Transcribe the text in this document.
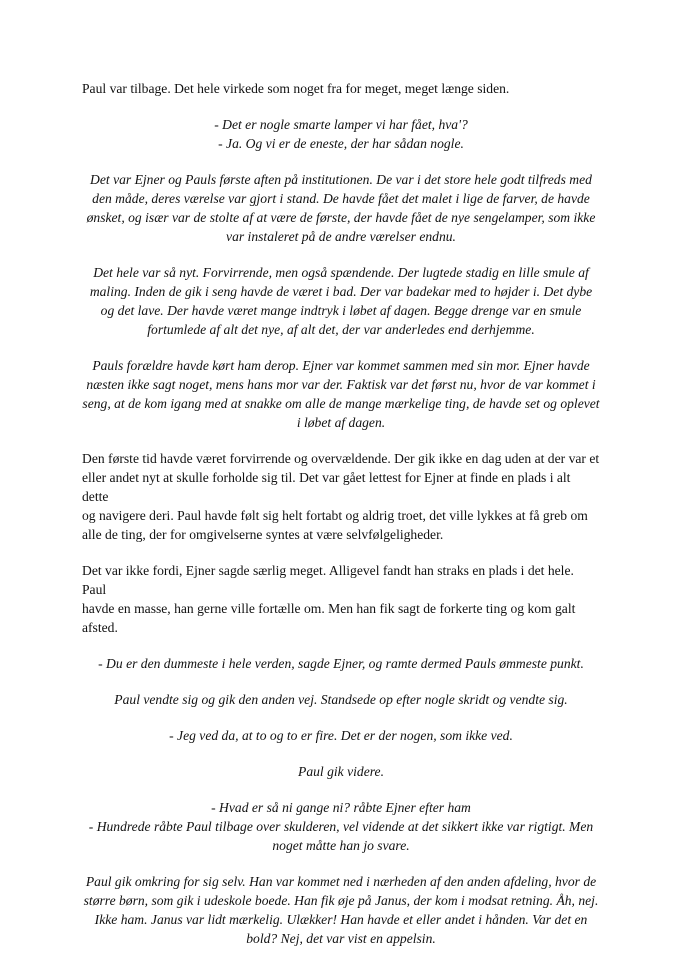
Paul var tilbage. Det hele virkede som noget fra for meget, meget længe siden.

- Det er nogle smarte lamper vi har fået, hva'?
- Ja. Og vi er de eneste, der har sådan nogle.

Det var Ejner og Pauls første aften på institutionen. De var i det store hele godt tilfreds med
den måde, deres værelse var gjort i stand. De havde fået det malet i lige de farver, de havde
ønsket, og især var de stolte af at være de første, der havde fået de nye sengelamper, som ikke
var instaleret på de andre værelser endnu.

Det hele var så nyt. Forvirrende, men også spændende. Der lugtede stadig en lille smule af
maling. Inden de gik i seng havde de været i bad. Der var badekar med to højder i. Det dybe
og det lave. Der havde været mange indtryk i løbet af dagen. Begge drenge var en smule
fortumlede af alt det nye, af alt det, der var anderledes end derhjemme.

Pauls forældre havde kørt ham derop. Ejner var kommet sammen med sin mor. Ejner havde
næsten ikke sagt noget, mens hans mor var der. Faktisk var det først nu, hvor de var kommet i
seng, at de kom igang med at snakke om alle de mange mærkelige ting, de havde set og oplevet
i løbet af dagen.

Den første tid havde været forvirrende og overvældende. Der gik ikke en dag uden at der var et
eller andet nyt at skulle forholde sig til. Det var gået lettest for Ejner at finde en plads i alt dette
og navigere deri. Paul havde følt sig helt fortabt og aldrig troet, det ville lykkes at få greb om
alle de ting, der for omgivelserne syntes at være selvfølgeligheder.

Det var ikke fordi, Ejner sagde særlig meget. Alligevel fandt han straks en plads i det hele. Paul
havde en masse, han gerne ville fortælle om. Men han fik sagt de forkerte ting og kom galt
afsted.

- Du er den dummeste i hele verden, sagde Ejner, og ramte dermed Pauls ømmeste punkt.

Paul vendte sig og gik den anden vej. Standsede op efter nogle skridt og vendte sig.

- Jeg ved da, at to og to er fire. Det er der nogen, som ikke ved.

Paul gik videre.

- Hvad er så ni gange ni? råbte Ejner efter ham
- Hundrede råbte Paul tilbage over skulderen, vel vidende at det sikkert ikke var rigtigt. Men
noget måtte han jo svare.

Paul gik omkring for sig selv. Han var kommet ned i nærheden af den anden afdeling, hvor de
større børn, som gik i udeskole boede. Han fik øje på Janus, der kom i modsat retning. Åh, nej.
Ikke ham. Janus var lidt mærkelig. Ulækker! Han havde et eller andet i hånden. Var det en
bold? Nej, det var vist en appelsin.
